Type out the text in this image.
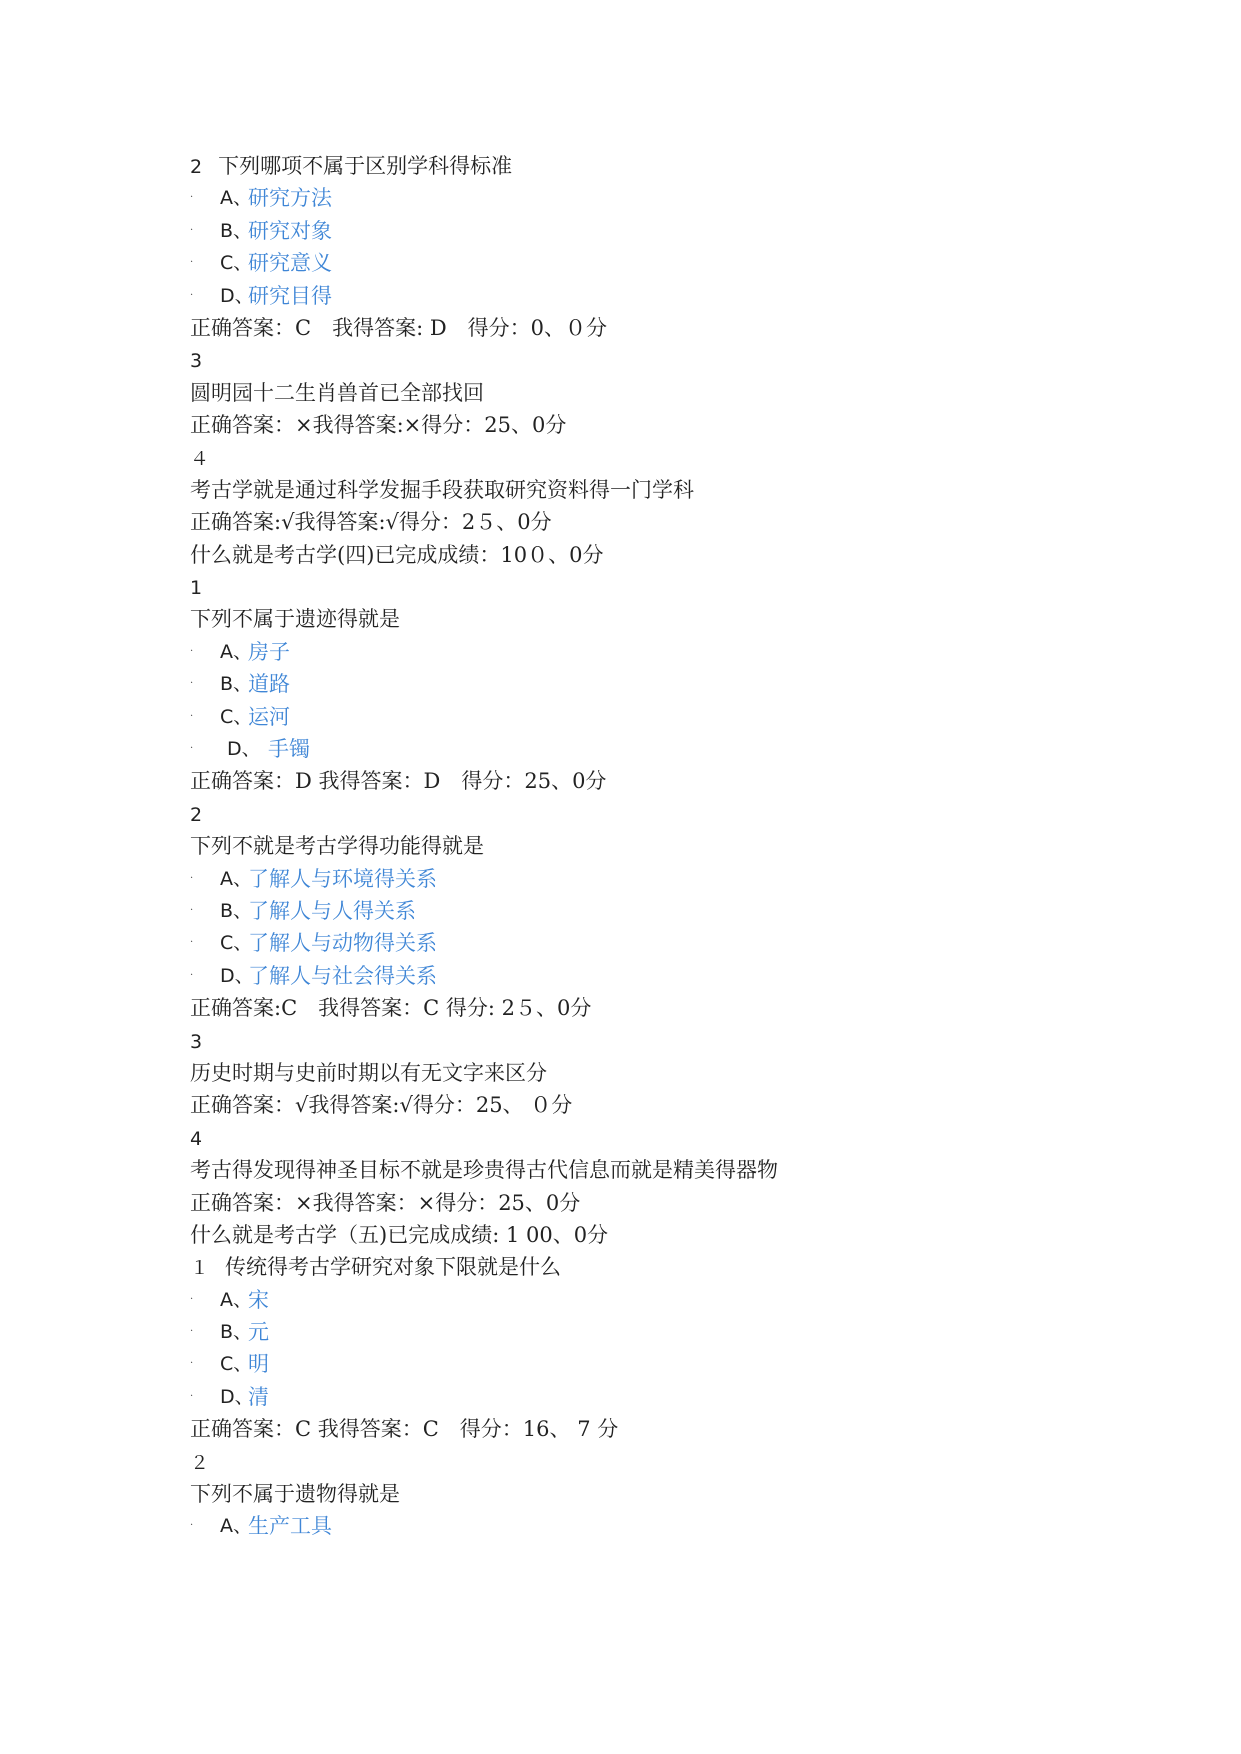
2 下列哪项不属于区别学科得标准
· A、
研究方法
· B、
研究对象
· C、
研究意义
· D、
研究目得
正确答案：C　我得答案: D　得分：0、０分
3
圆明园十二生肖兽首已全部找回
正确答案：×我得答案:×得分：25、0分
４
考古学就是通过科学发掘手段获取研究资料得一门学科
正确答案:√我得答案:√得分：2５、0分
什么就是考古学(四)已完成成绩：10０、0分
1
下列不属于遗迹得就是
· A、
房子
· B、
道路
· C、
运河
· 　D、 手镯
正确答案：D 我得答案：D　得分：25、0分
2
下列不就是考古学得功能得就是
· A、
了解人与环境得关系
· B、
了解人与人得关系
· C、
了解人与动物得关系
· D、
了解人与社会得关系
正确答案:C　我得答案：C 得分: 2５、0分
3
历史时期与史前时期以有无文字来区分
正确答案：√我得答案:√得分：25、 ０分
4
考古得发现得神圣目标不就是珍贵得古代信息而就是精美得器物
正确答案：×我得答案：×得分：25、0分
什么就是考古学（五)已完成成绩: 1 00、0分
１ 传统得考古学研究对象下限就是什么
· A、
宋
· B、
元
· C、
明
· D、
清
正确答案：C 我得答案：C　得分：16、 7 分
２
下列不属于遗物得就是
· A、
生产工具
